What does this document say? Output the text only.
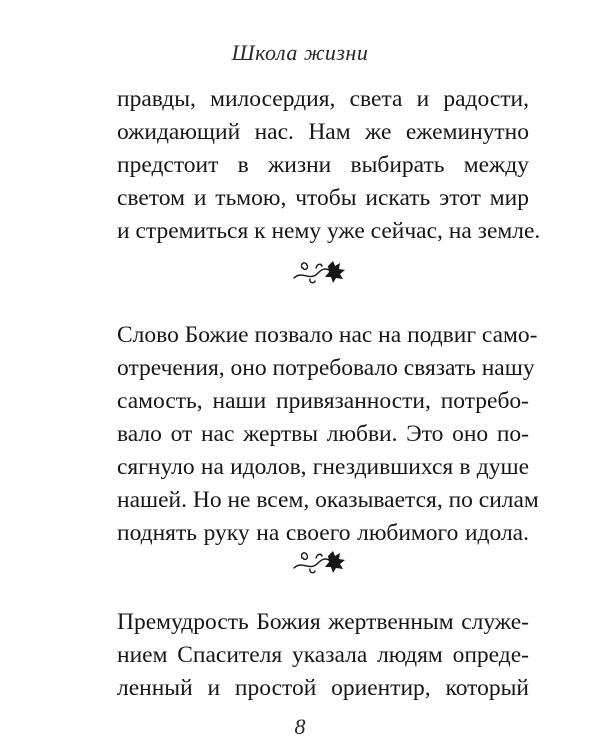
Школа жизни
правды, милосердия, света и радости,
ожидающий нас. Нам же ежеминутно
предстоит в жизни выбирать между
светом и тьмою, чтобы искать этот мир
и стремиться к нему уже сейчас, на земле.
Слово Божие позвало нас на подвиг само-
отречения, оно потребовало связать нашу
самость, наши привязанности, потребо-
вало от нас жертвы любви. Это оно по-
сягнуло на идолов, гнездившихся в душе
нашей. Но не всем, оказывается, по силам
поднять руку на своего любимого идола.
Премудрость Божия жертвенным служе-
нием Спасителя указала людям опреде-
ленный и простой ориентир, который
8
